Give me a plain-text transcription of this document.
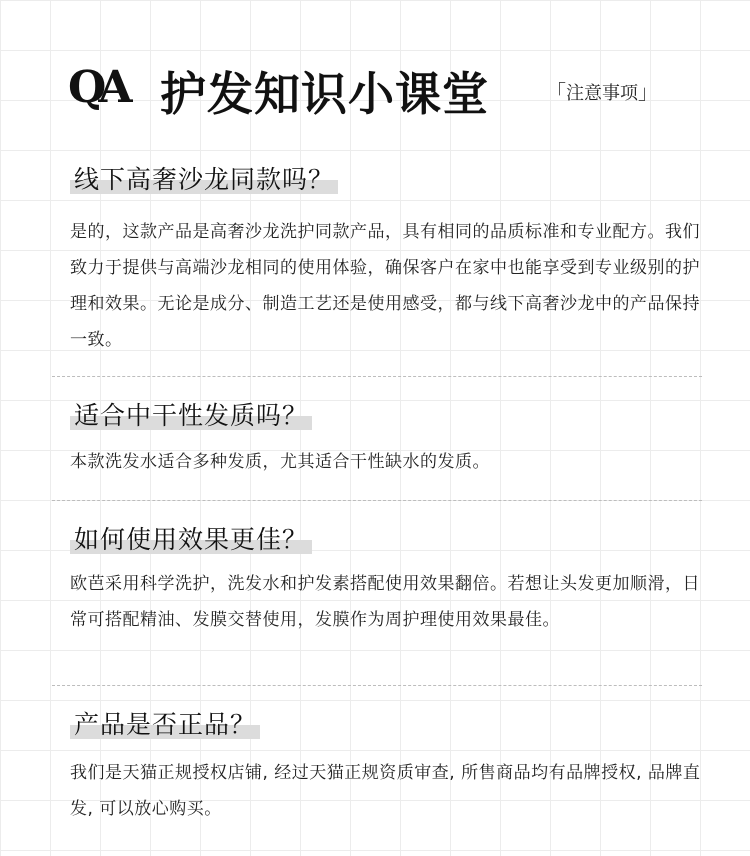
QA 护发知识小课堂	「注意事项」
线下高奢沙龙同款吗？
是的，这款产品是高奢沙龙洗护同款产品，具有相同的品质标准和专业配方。我们致力于提供与高端沙龙相同的使用体验，确保客户在家中也能享受到专业级别的护理和效果。无论是成分、制造工艺还是使用感受，都与线下高奢沙龙中的产品保持一致。
适合中干性发质吗？
本款洗发水适合多种发质，尤其适合干性缺水的发质。
如何使用效果更佳？
欧芭采用科学洗护，洗发水和护发素搭配使用效果翻倍。若想让头发更加顺滑，日常可搭配精油、发膜交替使用，发膜作为周护理使用效果最佳。
产品是否正品？
我们是天猫正规授权店铺, 经过天猫正规资质审查, 所售商品均有品牌授权, 品牌直发, 可以放心购买。
